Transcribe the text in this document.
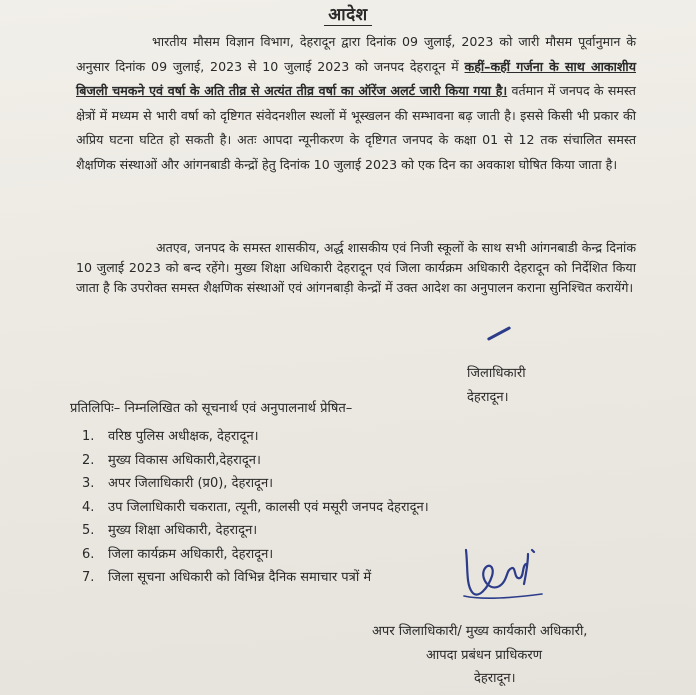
आदेश
भारतीय मौसम विज्ञान विभाग, देहरादून द्वारा दिनांक 09 जुलाई, 2023 को जारी मौसम पूर्वानुमान के अनुसार दिनांक 09 जुलाई, 2023 से 10 जुलाई 2023 को जनपद देहरादून में कहीं–कहीं गर्जना के साथ आकाशीय बिजली चमकने एवं वर्षा के अति तीव्र से अत्यंत तीव्र वर्षा का ऑरेंज अलर्ट जारी किया गया है। वर्तमान में जनपद के समस्त क्षेत्रों में मध्यम से भारी वर्षा को दृष्टिगत संवेदनशील स्थलों में भूस्खलन की सम्भावना बढ़ जाती है। इससे किसी भी प्रकार की अप्रिय घटना घटित हो सकती है। अतः आपदा न्यूनीकरण के दृष्टिगत जनपद के कक्षा 01 से 12 तक संचालित समस्त शैक्षणिक संस्थाओं और आंगनबाडी केन्द्रों हेतु दिनांक 10 जुलाई 2023 को एक दिन का अवकाश घोषित किया जाता है।
अतएव, जनपद के समस्त शासकीय, अर्द्ध शासकीय एवं निजी स्कूलों के साथ सभी आंगनबाडी केन्द्र दिनांक 10 जुलाई 2023 को बन्द रहेंगे। मुख्य शिक्षा अधिकारी देहरादून एवं जिला कार्यक्रम अधिकारी देहरादून को निर्देशित किया जाता है कि उपरोक्त समस्त शैक्षणिक संस्थाओं एवं आंगनबाड़ी केन्द्रों में उक्त आदेश का अनुपालन कराना सुनिश्चित करायेंगे।
जिलाधिकारी
देहरादून।
प्रतिलिपिः– निम्नलिखित को सूचनार्थ एवं अनुपालनार्थ प्रेषित–
1. वरिष्ठ पुलिस अधीक्षक, देहरादून।
2. मुख्य विकास अधिकारी,देहरादून।
3. अपर जिलाधिकारी (प्र0), देहरादून।
4. उप जिलाधिकारी चकराता, त्यूनी, कालसी एवं मसूरी जनपद देहरादून।
5. मुख्य शिक्षा अधिकारी, देहरादून।
6. जिला कार्यक्रम अधिकारी, देहरादून।
7. जिला सूचना अधिकारी को विभिन्न दैनिक समाचार पत्रों में
अपर जिलाधिकारी/ मुख्य कार्यकारी अधिकारी,
आपदा प्रबंधन प्राधिकरण
देहरादून।
